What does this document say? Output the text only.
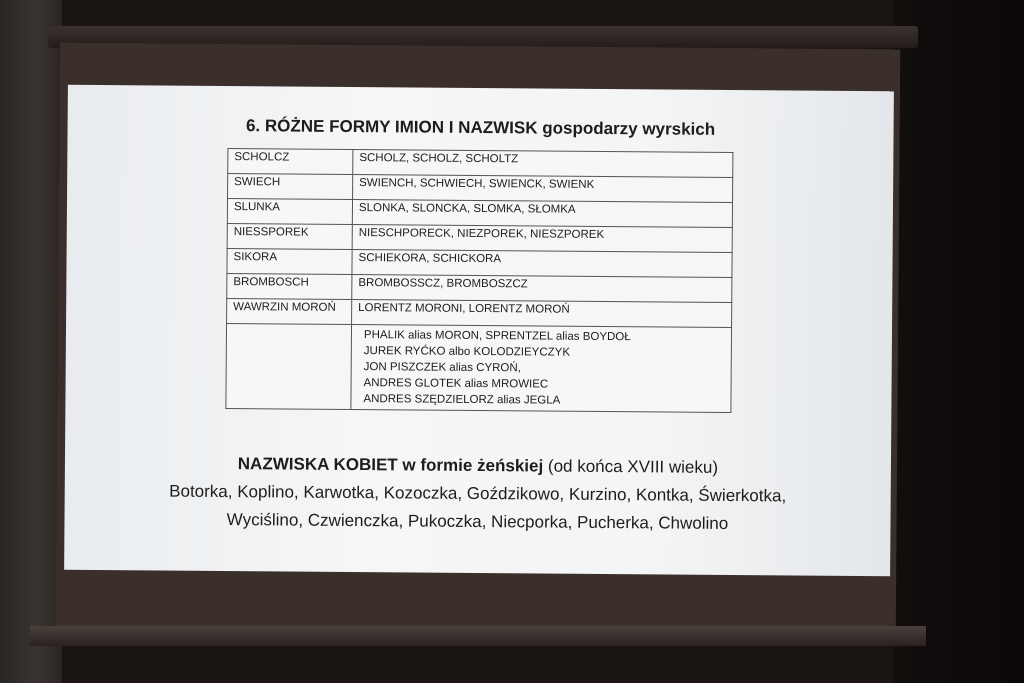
6. RÓŻNE FORMY IMION I NAZWISK gospodarzy wyrskich
SCHOLCZ	SCHOLZ, SCHOLZ, SCHOLTZ
SWIECH	SWIENCH, SCHWIECH, SWIENCK, SWIENK
SLUNKA	SLONKA, SLONCKA, SLOMKA, SŁOMKA
NIESSPOREK	NIESCHPORECK, NIEZPOREK, NIESZPOREK
SIKORA	SCHIEKORA, SCHICKORA
BROMBOSCH	BROMBOSSCZ, BROMBOSZCZ
WAWRZIN MOROŃ	LORENTZ MORONI, LORENTZ MOROŃ

	PHALIK alias MORON, SPRENTZEL alias BOYDOŁ
JUREK RYĆKO albo KOLODZIEYCZYK
JON PISZCZEK alias CYROŃ,
ANDRES GLOTEK alias MROWIEC
ANDRES SZĘDZIELORZ alias JEGLA
NAZWISKA KOBIET w formie żeńskiej (od końca XVIII wieku)
Botorka, Koplino, Karwotka, Kozoczka, Goździkowo, Kurzino, Kontka, Świerkotka,
Wyciślino, Czwienczka, Pukoczka, Niecporka, Pucherka, Chwolino
